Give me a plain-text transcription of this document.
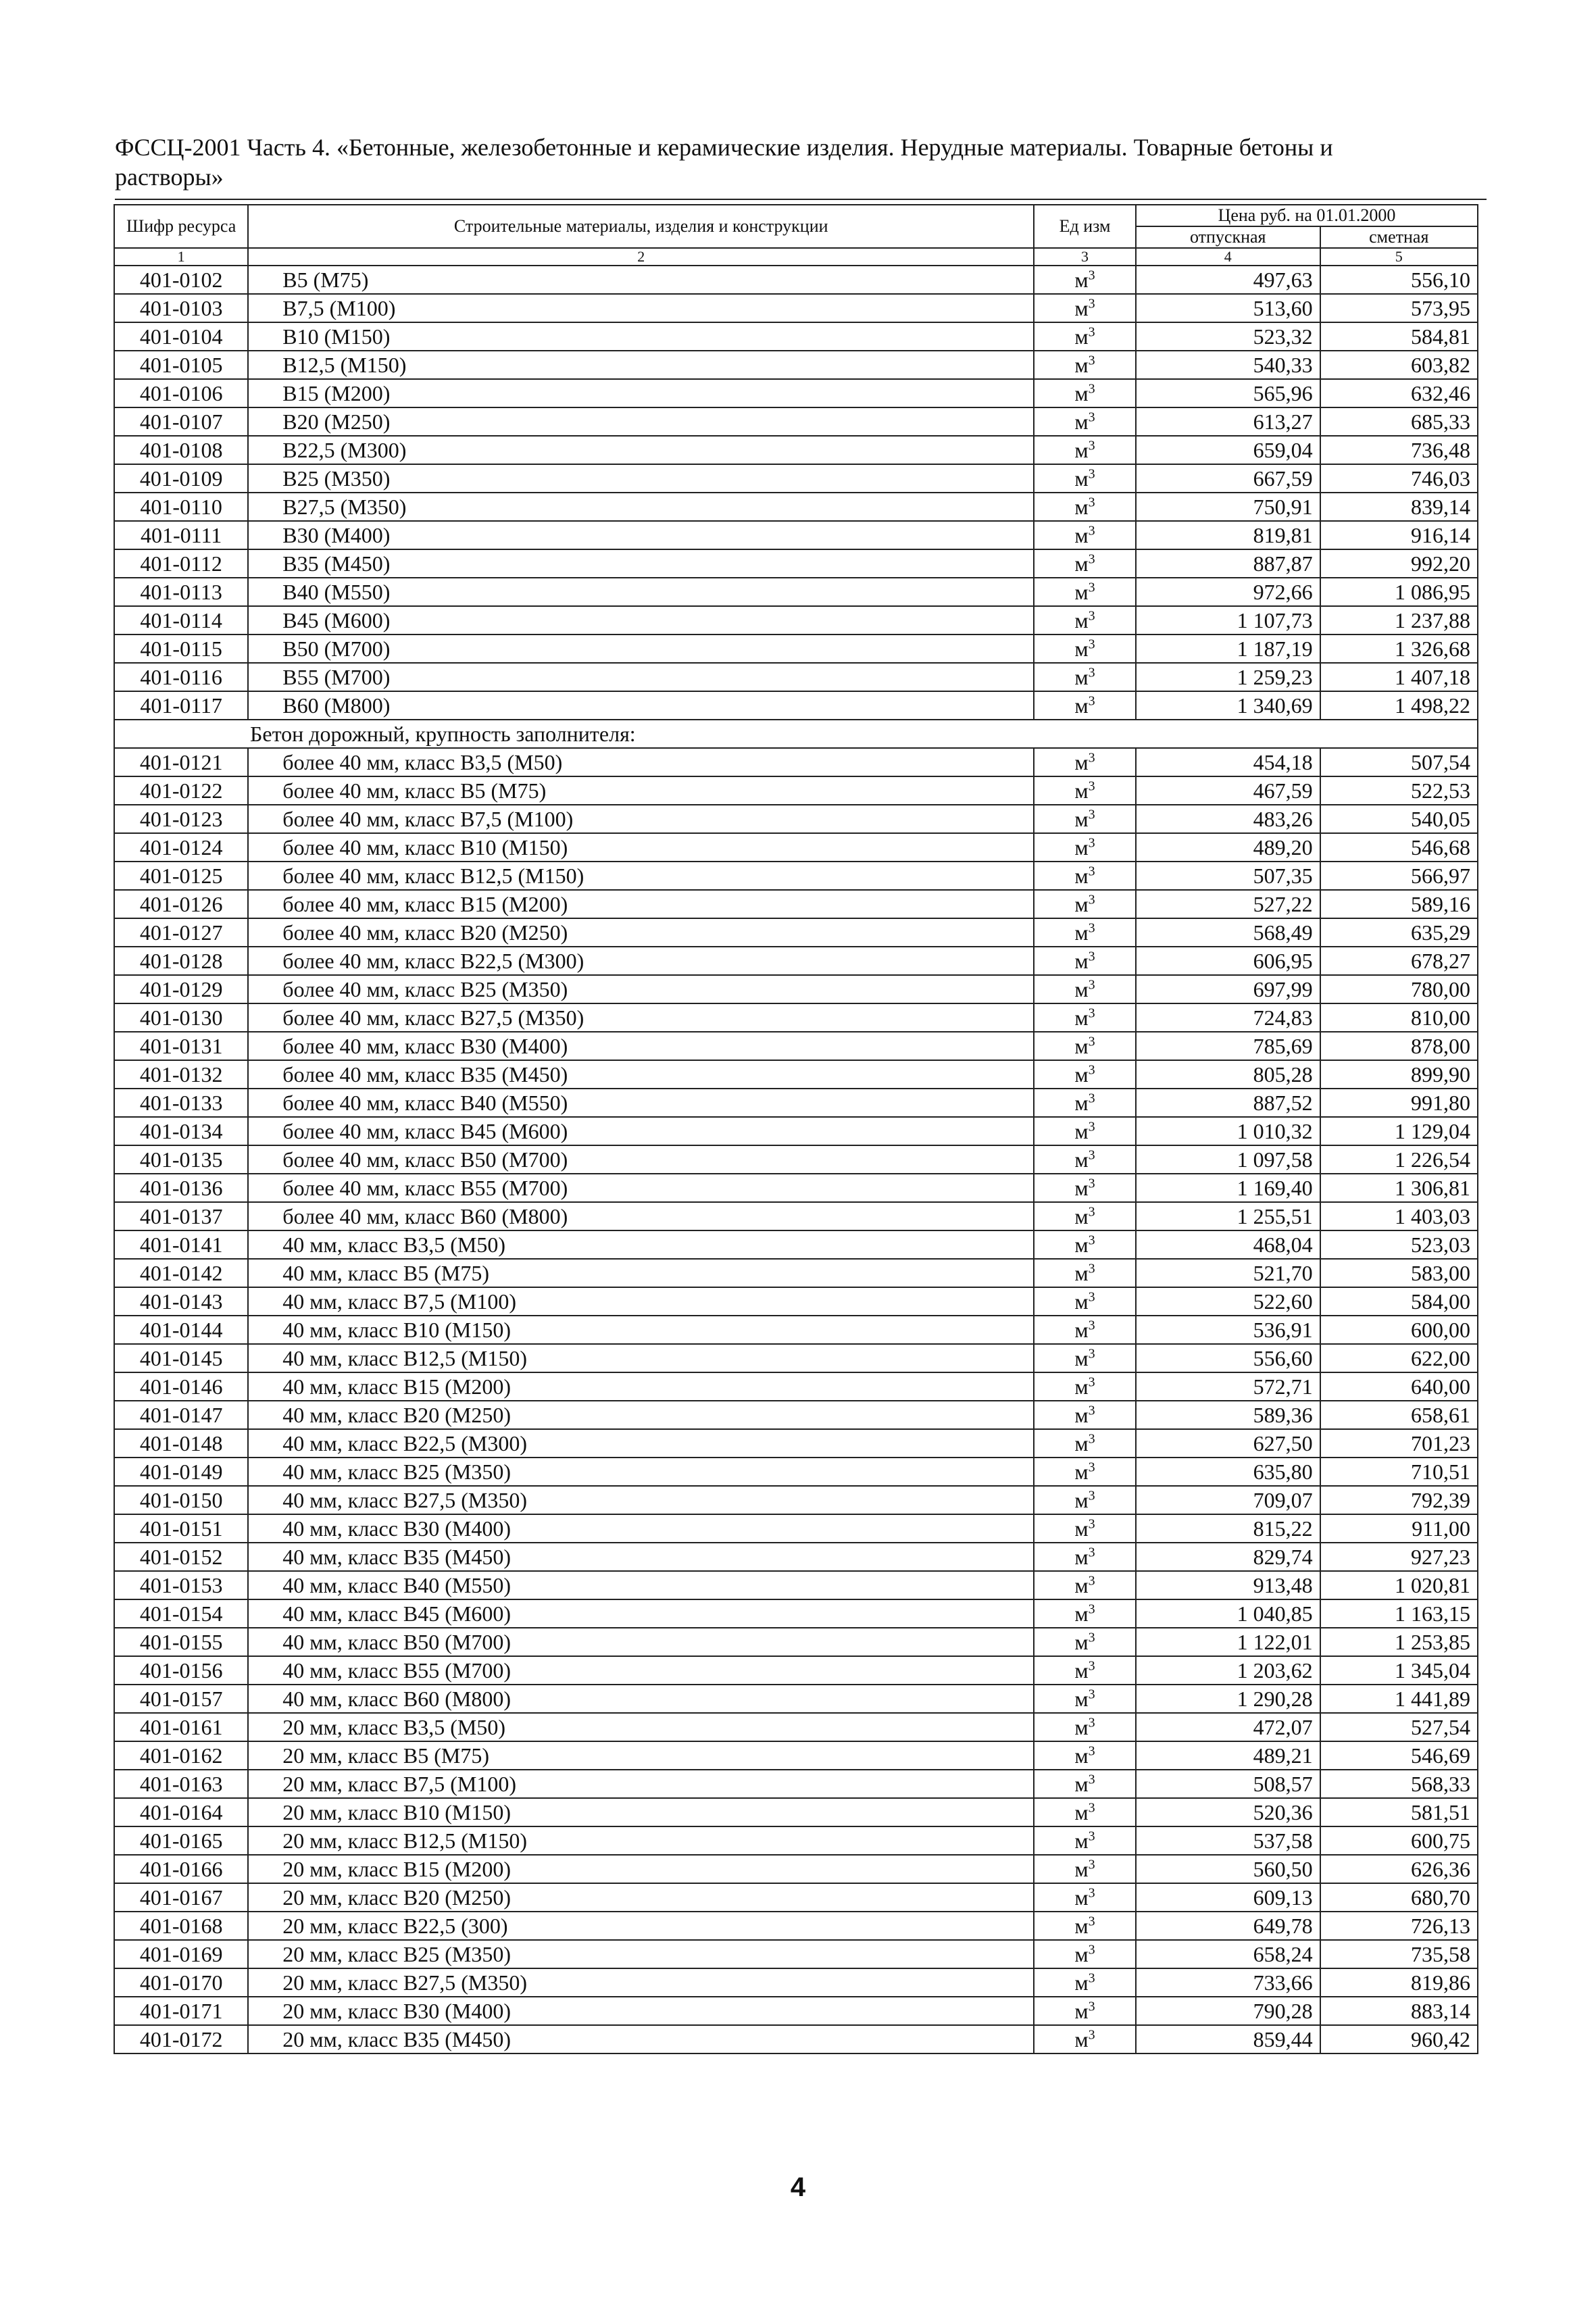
ФССЦ-2001 Часть 4. «Бетонные, железобетонные и керамические изделия. Нерудные материалы. Товарные бетоны и
растворы»
Шифр ресурса	Строительные материалы, изделия и конструкции	Ед изм	Цена руб. на 01.01.2000	
			отпускная	сметная
1	2	3	4	5
401-0102	В5 (М75)	$м^3$	497,63	556,10
401-0103	В7,5 (М100)	$м^3$	513,60	573,95
401-0104	В10 (М150)	$м^3$	523,32	584,81
401-0105	В12,5 (М150)	$м^3$	540,33	603,82
401-0106	В15 (М200)	$м^3$	565,96	632,46
401-0107	В20 (М250)	$м^3$	613,27	685,33
401-0108	В22,5 (М300)	$м^3$	659,04	736,48
401-0109	В25 (М350)	$м^3$	667,59	746,03
401-0110	В27,5 (М350)	$м^3$	750,91	839,14
401-0111	В30 (М400)	$м^3$	819,81	916,14
401-0112	В35 (М450)	$м^3$	887,87	992,20
401-0113	В40 (М550)	$м^3$	972,66	1 086,95
401-0114	В45 (М600)	$м^3$	1 107,73	1 237,88
401-0115	В50 (М700)	$м^3$	1 187,19	1 326,68
401-0116	В55 (М700)	$м^3$	1 259,23	1 407,18
401-0117	В60 (М800)	$м^3$	1 340,69	1 498,22
Бетон дорожный, крупность заполнителя:				
401-0121	более 40 мм, класс В3,5 (М50)	$м^3$	454,18	507,54
401-0122	более 40 мм, класс В5 (М75)	$м^3$	467,59	522,53
401-0123	более 40 мм, класс В7,5 (М100)	$м^3$	483,26	540,05
401-0124	более 40 мм, класс В10 (М150)	$м^3$	489,20	546,68
401-0125	более 40 мм, класс В12,5 (М150)	$м^3$	507,35	566,97
401-0126	более 40 мм, класс В15 (М200)	$м^3$	527,22	589,16
401-0127	более 40 мм, класс В20 (М250)	$м^3$	568,49	635,29
401-0128	более 40 мм, класс В22,5 (М300)	$м^3$	606,95	678,27
401-0129	более 40 мм, класс В25 (М350)	$м^3$	697,99	780,00
401-0130	более 40 мм, класс В27,5 (М350)	$м^3$	724,83	810,00
401-0131	более 40 мм, класс В30 (М400)	$м^3$	785,69	878,00
401-0132	более 40 мм, класс В35 (М450)	$м^3$	805,28	899,90
401-0133	более 40 мм, класс В40 (М550)	$м^3$	887,52	991,80
401-0134	более 40 мм, класс В45 (М600)	$м^3$	1 010,32	1 129,04
401-0135	более 40 мм, класс В50 (М700)	$м^3$	1 097,58	1 226,54
401-0136	более 40 мм, класс В55 (М700)	$м^3$	1 169,40	1 306,81
401-0137	более 40 мм, класс В60 (М800)	$м^3$	1 255,51	1 403,03
401-0141	40 мм, класс В3,5 (М50)	$м^3$	468,04	523,03
401-0142	40 мм, класс В5 (М75)	$м^3$	521,70	583,00
401-0143	40 мм, класс В7,5 (М100)	$м^3$	522,60	584,00
401-0144	40 мм, класс В10 (М150)	$м^3$	536,91	600,00
401-0145	40 мм, класс В12,5 (М150)	$м^3$	556,60	622,00
401-0146	40 мм, класс В15 (М200)	$м^3$	572,71	640,00
401-0147	40 мм, класс В20 (М250)	$м^3$	589,36	658,61
401-0148	40 мм, класс В22,5 (М300)	$м^3$	627,50	701,23
401-0149	40 мм, класс В25 (М350)	$м^3$	635,80	710,51
401-0150	40 мм, класс В27,5 (М350)	$м^3$	709,07	792,39
401-0151	40 мм, класс В30 (М400)	$м^3$	815,22	911,00
401-0152	40 мм, класс В35 (М450)	$м^3$	829,74	927,23
401-0153	40 мм, класс В40 (М550)	$м^3$	913,48	1 020,81
401-0154	40 мм, класс В45 (М600)	$м^3$	1 040,85	1 163,15
401-0155	40 мм, класс В50 (М700)	$м^3$	1 122,01	1 253,85
401-0156	40 мм, класс В55 (М700)	$м^3$	1 203,62	1 345,04
401-0157	40 мм, класс В60 (М800)	$м^3$	1 290,28	1 441,89
401-0161	20 мм, класс В3,5 (М50)	$м^3$	472,07	527,54
401-0162	20 мм, класс В5 (М75)	$м^3$	489,21	546,69
401-0163	20 мм, класс В7,5 (М100)	$м^3$	508,57	568,33
401-0164	20 мм, класс В10 (М150)	$м^3$	520,36	581,51
401-0165	20 мм, класс В12,5 (М150)	$м^3$	537,58	600,75
401-0166	20 мм, класс В15 (М200)	$м^3$	560,50	626,36
401-0167	20 мм, класс В20 (М250)	$м^3$	609,13	680,70
401-0168	20 мм, класс В22,5 (300)	$м^3$	649,78	726,13
401-0169	20 мм, класс В25 (М350)	$м^3$	658,24	735,58
401-0170	20 мм, класс В27,5 (М350)	$м^3$	733,66	819,86
401-0171	20 мм, класс В30 (М400)	$м^3$	790,28	883,14
401-0172	20 мм, класс В35 (М450)	$м^3$	859,44	960,42
4
